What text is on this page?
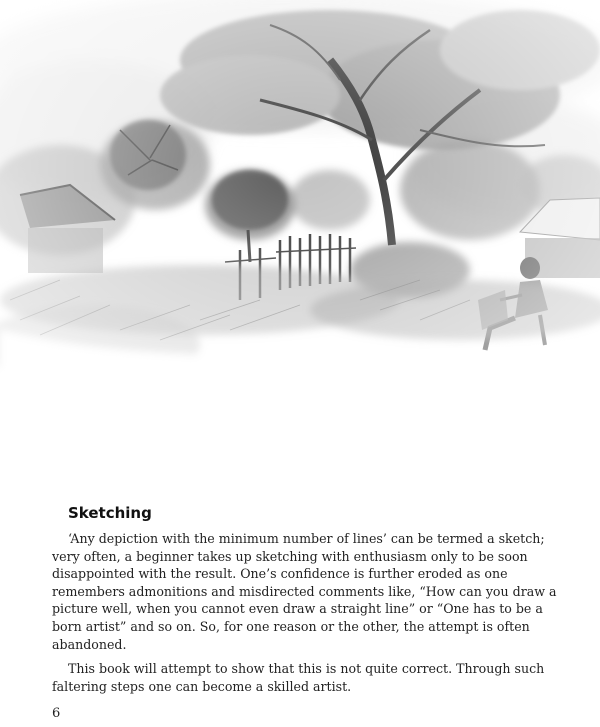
Sketching

‘Any depiction with the minimum number of lines’ can be termed a sketch; very often, a beginner takes up sketching with enthusiasm only to be soon disappointed with the result. One’s confidence is further eroded as one remembers admonitions and misdirected comments like, “How can you draw a picture well, when you cannot even draw a straight line” or “One has to be a born artist” and so on. So, for one reason or the other, the attempt is often abandoned.

This book will attempt to show that this is not quite correct. Through such faltering steps one can become a skilled artist.

6
